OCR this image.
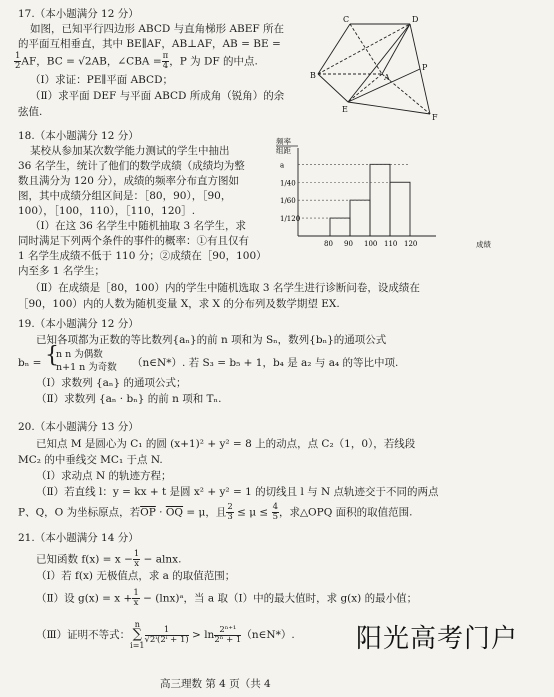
17.（本小题满分 12 分）
如图，已知平行四边形 ABCD 与直角梯形 ABEF 所在
的平面互相垂直，其中 BE∥AF，AB⊥AF，AB = BE =
$\frac{1}{2}$ AF，BC = √2AB，∠CBA = $\frac{\pi}{4}$ ，P 为 DF 的中点.
（Ⅰ）求证：PE∥平面 ABCD；
（Ⅱ）求平面 DEF 与平面 ABCD 所成角（锐角）的余
弦值.
C	D
B	A
P
E
F
18.（本小题满分 12 分）
某校从参加某次数学能力测试的学生中抽出
36 名学生，统计了他们的数学成绩（成绩均为整
数且满分为 120 分），成绩的频率分布直方图如
图，其中成绩分组区间是：［80，90），［90，
100），［100，110），［110，120］.
（Ⅰ）在这 36 名学生中随机抽取 3 名学生，求
同时满足下列两个条件的事件的概率：①有且仅有
1 名学生成绩不低于 110 分；②成绩在［90，100）
内至多 1 名学生；
（Ⅱ）在成绩是［80，100）内的学生中随机选取 3 名学生进行诊断问卷，设成绩在
［90，100）内的人数为随机变量 X，求 X 的分布列及数学期望 EX.
频率
组距
成绩
a
1/40
1/60
1/120
80 90 100 110 120
19.（本小题满分 12 分）
已知各项都为正数的等比数列{aₙ}的前 n 项和为 Sₙ，数列{bₙ}的通项公式
bₙ = {
n n 为偶数
n+1 n 为奇数 （n∈N*）. 若 S₃ = b₅ + 1，b₄ 是 a₂ 与 a₄ 的等比中项.
（Ⅰ）求数列 {aₙ} 的通项公式；
（Ⅱ）求数列 {aₙ · bₙ} 的前 n 项和 Tₙ.
20.（本小题满分 13 分）
已知点 M 是圆心为 C₁ 的圆 (x+1)² + y² = 8 上的动点，点 C₂（1，0），若线段
MC₂ 的中垂线交 MC₁ 于点 N.
（Ⅰ）求动点 N 的轨迹方程；
（Ⅱ）若直线 l：y = kx + t 是圆 x² + y² = 1 的切线且 l 与 N 点轨迹交于不同的两点
P、Q，O 为坐标原点，若$\overline{OP} \cdot \overline{OQ} = \mu$，且 $\frac{2}{3} \le \mu \le \frac{4}{5}$ ，求△OPQ 面积的取值范围.
21.（本小题满分 14 分）
已知函数 $f(x) = x - \frac{1}{x} - alnx$.
（Ⅰ）若 f(x) 无极值点，求 a 的取值范围；
（Ⅱ）设 $g(x) = x + \frac{1}{x}$ − (lnx)ᵃ，当 a 取（Ⅰ）中的最大值时，求 g(x) 的最小值；
（Ⅲ）证明不等式：
n
∑
i=1
$\frac{1}{\text{√2ⁱ(2ⁱ + 1)}} > \ln \frac{\text{2ⁿ⁺¹}}{\text{2ⁿ + 1}}$ （n∈N*）.
高三理数 第 4 页（共 4
阳光高考门户
